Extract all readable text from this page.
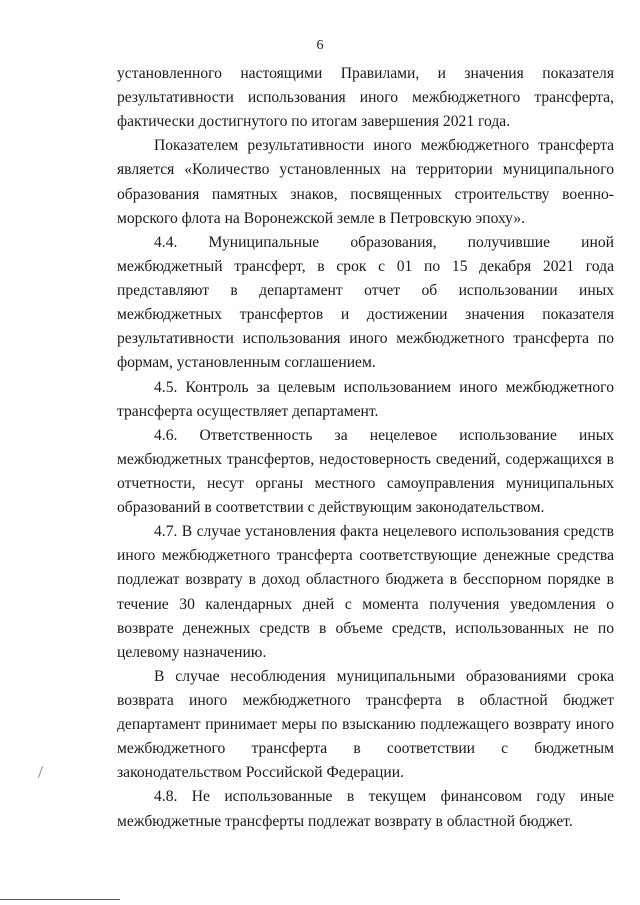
6

установленного настоящими Правилами, и значения показателя результативности использования иного межбюджетного трансферта, фактически достигнутого по итогам завершения 2021 года.

Показателем результативности иного межбюджетного трансферта является «Количество установленных на территории муниципального образования памятных знаков, посвященных строительству военно-морского флота на Воронежской земле в Петровскую эпоху».

4.4. Муниципальные образования, получившие иной межбюджетный трансферт, в срок с 01 по 15 декабря 2021 года представляют в департамент отчет об использовании иных межбюджетных трансфертов и достижении значения показателя результативности использования иного межбюджетного трансферта по формам, установленным соглашением.

4.5. Контроль за целевым использованием иного межбюджетного трансферта осуществляет департамент.

4.6. Ответственность за нецелевое использование иных межбюджетных трансфертов, недостоверность сведений, содержащихся в отчетности, несут органы местного самоуправления муниципальных образований в соответствии с действующим законодательством.

4.7. В случае установления факта нецелевого использования средств иного межбюджетного трансферта соответствующие денежные средства подлежат возврату в доход областного бюджета в бесспорном порядке в течение 30 календарных дней с момента получения уведомления о возврате денежных средств в объеме средств, использованных не по целевому назначению.

В случае несоблюдения муниципальными образованиями срока возврата иного межбюджетного трансферта в областной бюджет департамент принимает меры по взысканию подлежащего возврату иного межбюджетного трансферта в соответствии с бюджетным законодательством Российской Федерации.

4.8. Не использованные в текущем финансовом году иные межбюджетные трансферты подлежат возврату в областной бюджет.
